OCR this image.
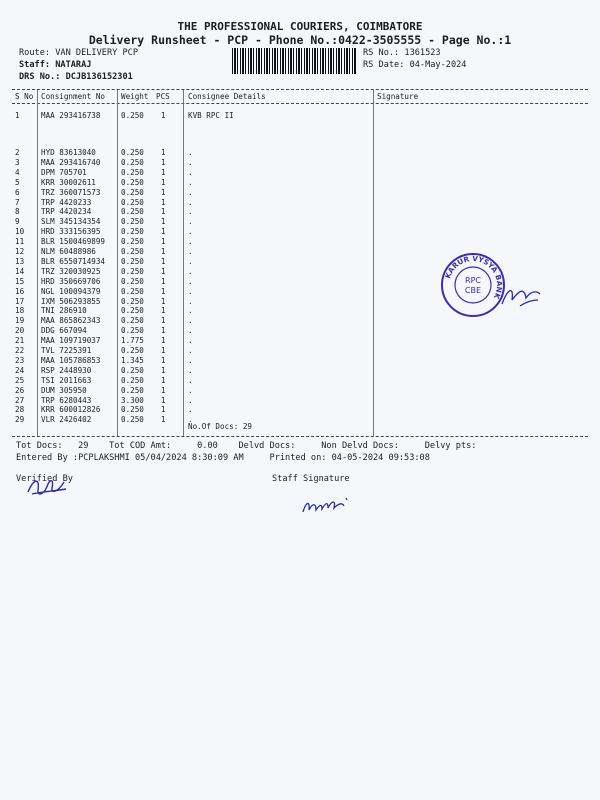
THE PROFESSIONAL COURIERS, COIMBATORE
Delivery Runsheet - PCP - Phone No.:0422-3505555 - Page No.:1
Route: VAN DELIVERY PCP
Staff: NATARAJ
DRS No.: DCJB136152301
RS No.: 1361523
RS Date: 04-May-2024
S No Consignment No Weight PCS Consignee Details	Signature
1	MAA 293416738	0.250 1	KVB RPC II
2	HYD 83613040	0.250 1	.
3	MAA 293416740	0.250 1	.
4	DPM 705701	0.250 1	.
5	KRR 30002611	0.250 1	.
6	TRZ 360071573	0.250 1	.
7	TRP 4420233	0.250 1	.
8	TRP 4420234	0.250 1	.
9	SLM 345134354	0.250 1	.
10 HRD 333156395	0.250 1	.
11 BLR 1500469899 0.250 1	.
12 NLM 60488986	0.250 1	.
13 BLR 6550714934 0.250 1	.
14 TRZ 320030925	0.250 1	.
15 HRD 350669706	0.250 1	.
16 NGL 100094379	0.250 1	.
17 IXM 506293855	0.250 1	.
18 TNI 286910	0.250 1	.
19 MAA 865862343	0.250 1	.
20 DDG 667094	0.250 1	.
21 MAA 109719037	1.775 1	.
22 TVL 7225391	0.250 1	.
23 MAA 105786853	1.345 1	.
24 RSP 2448930	0.250 1	.
25 TSI 2011663	0.250 1	.
26 DUM 305950	0.250 1	.
27 TRP 6280443	3.300 1	.
28 KRR 600012826	0.250 1	.
29 VLR 2426402	0.250 1	.
No.Of Docs: 29
Tot Docs:   29    Tot COD Amt:     0.00    Delvd Docs:     Non Delvd Docs:     Delvy pts:
Entered By :PCPLAKSHMI 05/04/2024 8:30:09 AM     Printed on: 04-05-2024 09:53:08
Verified By	Staff Signature
KARUR VYSYA BANK
RPC
CBE
